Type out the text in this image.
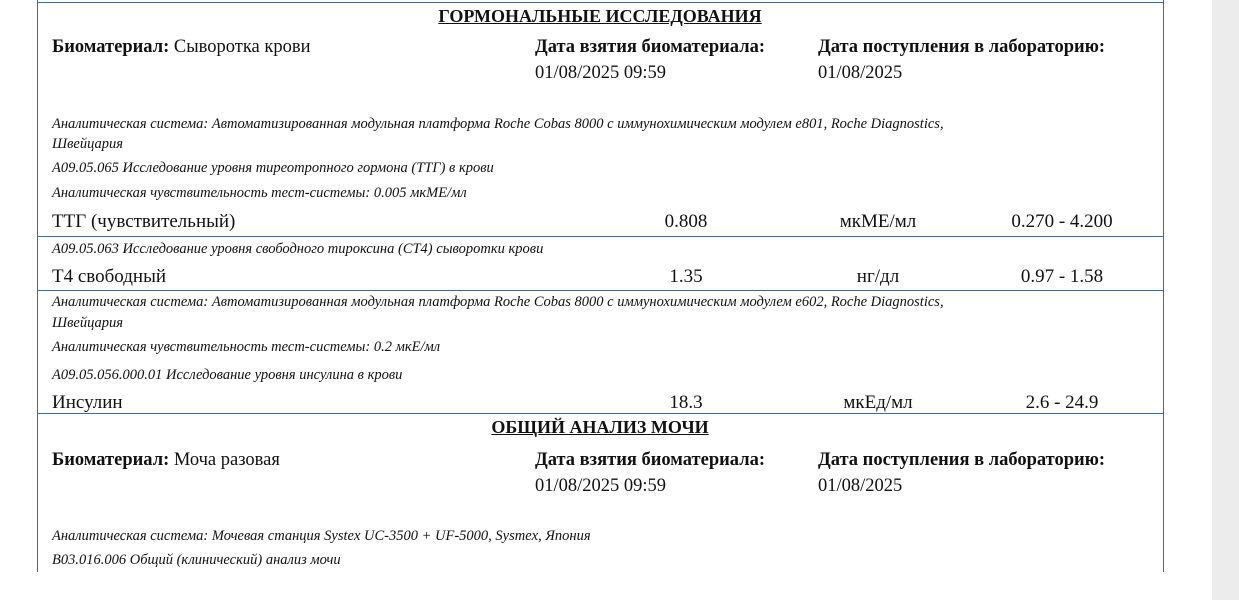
ГОРМОНАЛЬНЫЕ ИССЛЕДОВАНИЯ
Биоматериал: Сыворотка крови	Дата взятия биоматериала:
01/08/2025 09:59
Дата поступления в лабораторию:
01/08/2025
Аналитическая система: Автоматизированная модульная платформа Roche Cobas 8000 с иммунохимическим модулем e801, Roche Diagnostics,
Швейцария
A09.05.065 Исследование уровня тиреотропного гормона (ТТГ) в крови
Аналитическая чувствительность тест-системы: 0.005 мкМЕ/мл
ТТГ (чувствительный)	0.808	мкМЕ/мл	0.270 - 4.200
A09.05.063 Исследование уровня свободного тироксина (СТ4) сыворотки крови
Т4 свободный	1.35	нг/дл	0.97 - 1.58
Аналитическая система: Автоматизированная модульная платформа Roche Cobas 8000 с иммунохимическим модулем e602, Roche Diagnostics,
Швейцария
Аналитическая чувствительность тест-системы: 0.2 мкЕ/мл
A09.05.056.000.01 Исследование уровня инсулина в крови
Инсулин	18.3	мкЕд/мл	2.6 - 24.9
ОБЩИЙ АНАЛИЗ МОЧИ
Биоматериал: Моча разовая	Дата взятия биоматериала:
01/08/2025 09:59
Дата поступления в лабораторию:
01/08/2025
Аналитическая система: Мочевая станция Systex UC-3500 + UF-5000, Sysmex, Япония
B03.016.006 Общий (клинический) анализ мочи
